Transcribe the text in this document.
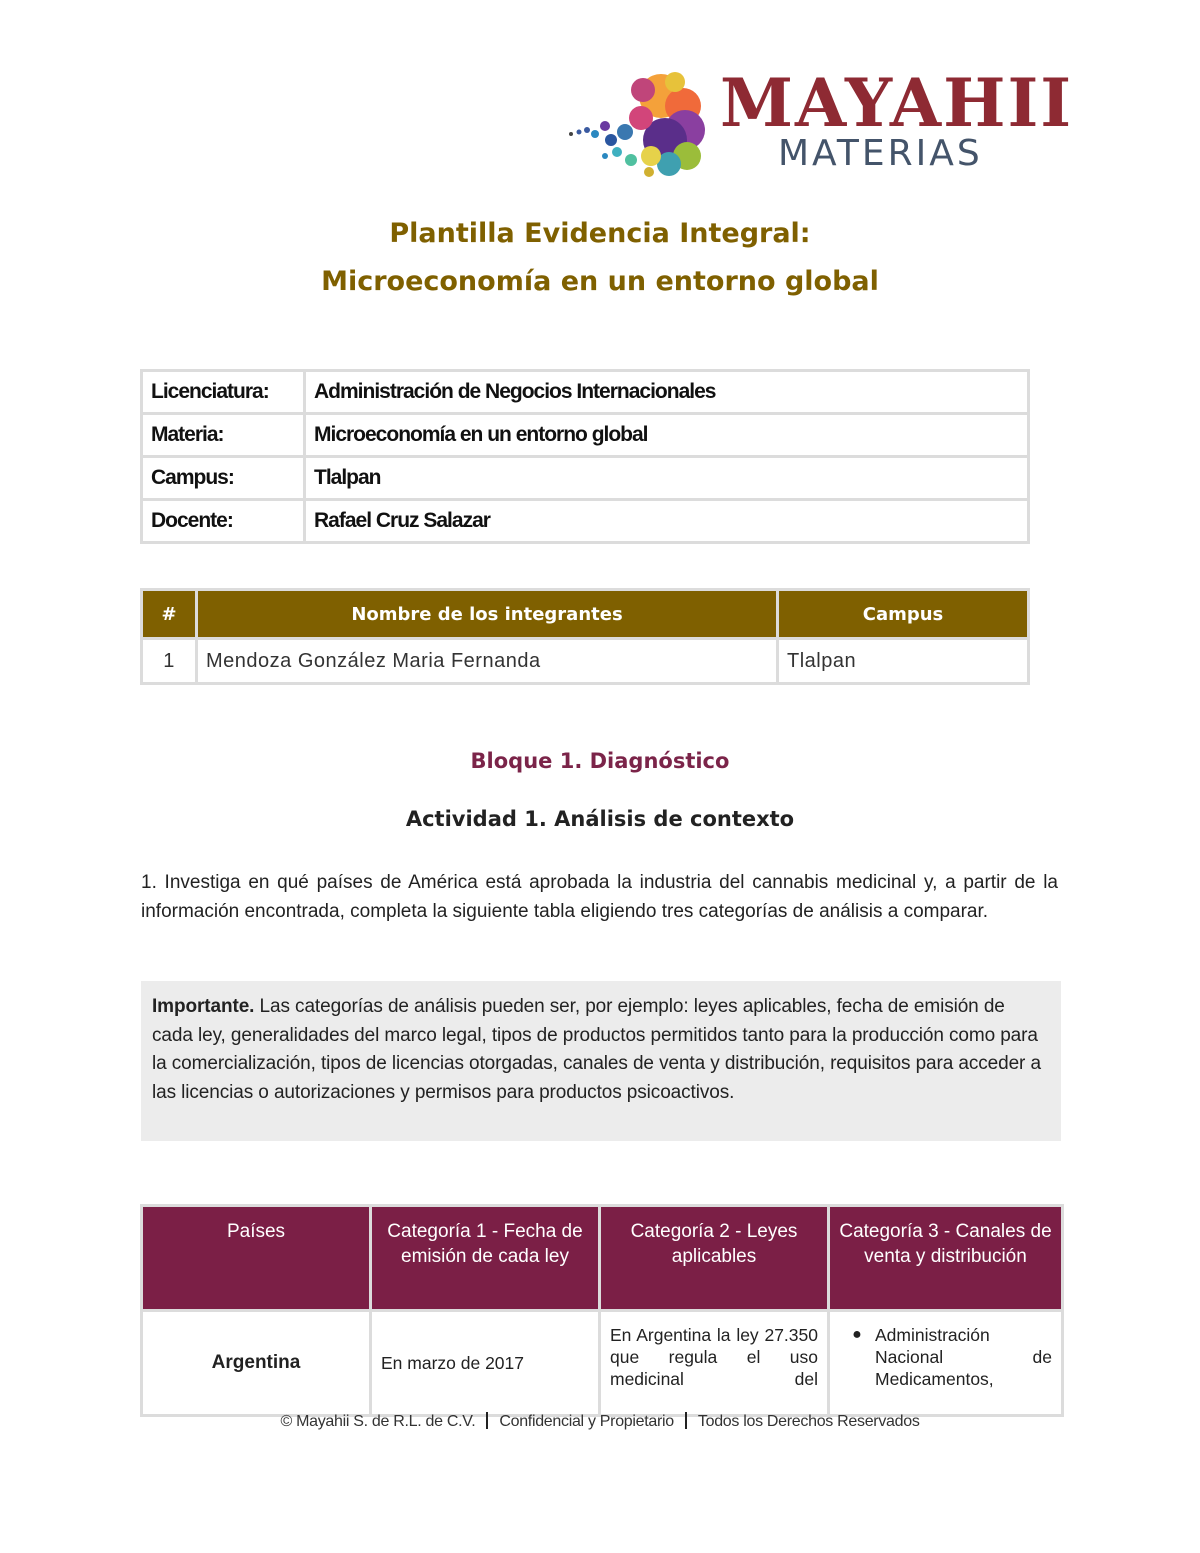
MAYAHII
MATERIAS
Plantilla Evidencia Integral:
Microeconomía en un entorno global
Licenciatura:	Administración de Negocios Internacionales
Materia:	Microeconomía en un entorno global
Campus:	Tlalpan
Docente:	Rafael Cruz Salazar
#	Nombre de los integrantes	Campus
1	Mendoza González Maria Fernanda	Tlalpan
Bloque 1. Diagnóstico
Actividad 1. Análisis de contexto
1. Investiga en qué países de América está aprobada la industria del cannabis medicinal y, a partir de la información encontrada, completa la siguiente tabla eligiendo tres categorías de análisis a comparar.
Importante. Las categorías de análisis pueden ser, por ejemplo: leyes aplicables, fecha de emisión de cada ley, generalidades del marco legal, tipos de productos permitidos tanto para la producción como para la comercialización, tipos de licencias otorgadas, canales de venta y distribución, requisitos para acceder a las licencias o autorizaciones y permisos para productos psicoactivos.
Países	Categoría 1 - Fecha de emisión de cada ley	Categoría 2 - Leyes aplicables	Categoría 3 - Canales de venta y distribución
Argentina	En marzo de 2017	En Argentina la ley 27.350 que regula el uso medicinal del	● Administración Nacional de Medicamentos,
© Mayahii S. de R.L. de C.V. Confidencial y Propietario Todos los Derechos Reservados
